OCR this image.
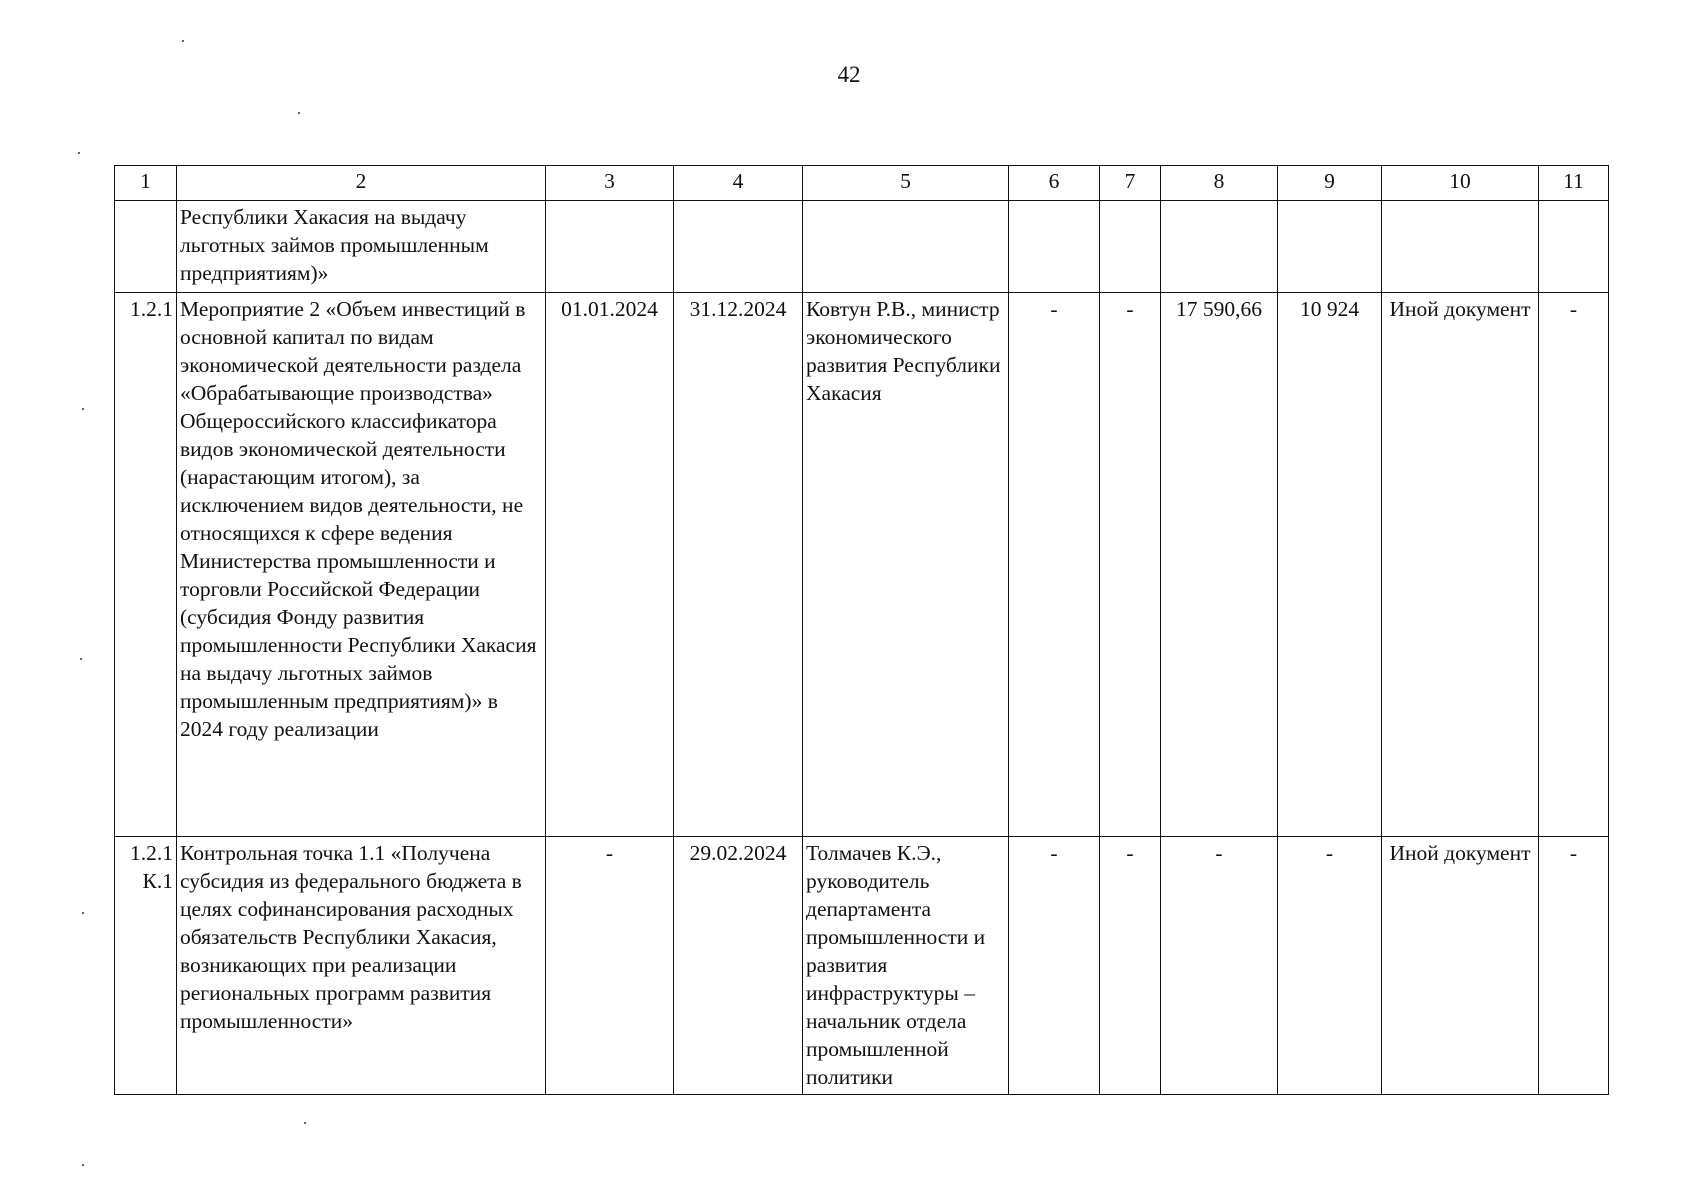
42
1	2	3	4	5	6	7	8	9	10	11
	Республики Хакасия на выдачу льготных займов промышленным предприятиям)»									
1.2.1	Мероприятие 2 «Объем инвестиций в основной капитал по видам экономической деятельности раздела «Обрабатывающие производства» Общероссийского классификатора видов экономической деятельности (нарастающим итогом), за исключением видов деятельности, не относящихся к сфере ведения Министерства промышленности и торговли Российской Федерации (субсидия Фонду развития промышленности Республики Хакасия на выдачу льготных займов промышленным предприятиям)» в 2024 году реализации	01.01.2024	31.12.2024	Ковтун Р.В., министр экономического развития Республики Хакасия	-	-	17 590,66	10 924	Иной документ	-
1.2.1 К.1	Контрольная точка 1.1 «Получена субсидия из федерального бюджета в целях софинансирования расходных обязательств Республики Хакасия, возникающих при реализации региональных программ развития промышленности»	-	29.02.2024	Толмачев К.Э., руководитель департамента промышленности и развития инфраструктуры – начальник отдела промышленной политики	-	-	-	-	Иной документ	-
